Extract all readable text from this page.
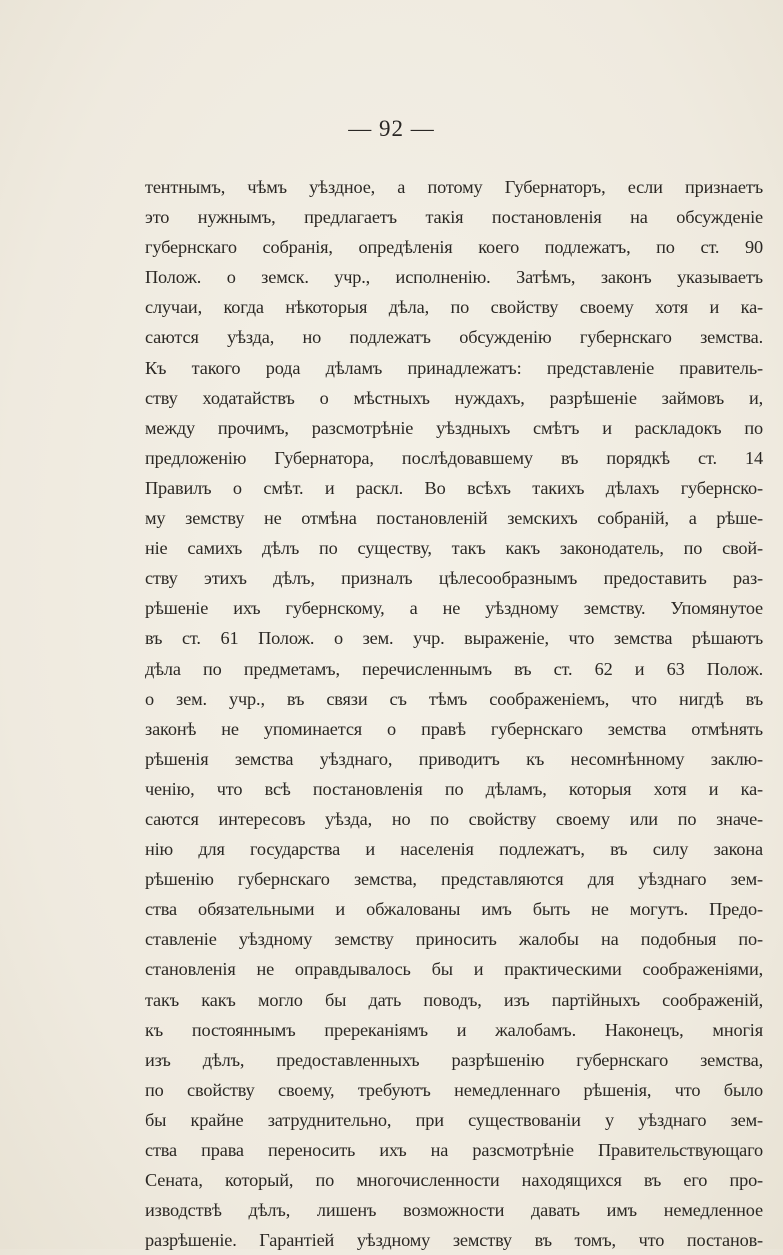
— 92 —
тентнымъ, чѣмъ уѣздное, а потому Губернаторъ, если признаетъ
это нужнымъ, предлагаетъ такія постановленія на обсужденіе
губернскаго собранія, опредѣленія коего подлежатъ, по ст. 90
Полож. о земск. учр., исполненію. Затѣмъ, законъ указываетъ
случаи, когда нѣкоторыя дѣла, по свойству своему хотя и ка-
саются уѣзда, но подлежатъ обсужденію губернскаго земства.
Къ такого рода дѣламъ принадлежатъ: представленіе правитель-
ству ходатайствъ о мѣстныхъ нуждахъ, разрѣшеніе займовъ и,
между прочимъ, разсмотрѣніе уѣздныхъ смѣтъ и раскладокъ по
предложенію Губернатора, послѣдовавшему въ порядкѣ ст. 14
Правилъ о смѣт. и раскл. Во всѣхъ такихъ дѣлахъ губернско-
му земству не отмѣна постановленій земскихъ собраній, а рѣше-
ніе самихъ дѣлъ по существу, такъ какъ законодатель, по свой-
ству этихъ дѣлъ, призналъ цѣлесообразнымъ предоставить раз-
рѣшеніе ихъ губернскому, а не уѣздному земству. Упомянутое
въ ст. 61 Полож. о зем. учр. выраженіе, что земства рѣшаютъ
дѣла по предметамъ, перечисленнымъ въ ст. 62 и 63 Полож.
о зем. учр., въ связи съ тѣмъ соображеніемъ, что нигдѣ въ
законѣ не упоминается о правѣ губернскаго земства отмѣнять
рѣшенія земства уѣзднаго, приводитъ къ несомнѣнному заклю-
ченію, что всѣ постановленія по дѣламъ, которыя хотя и ка-
саются интересовъ уѣзда, но по свойству своему или по значе-
нію для государства и населенія подлежатъ, въ силу закона
рѣшенію губернскаго земства, представляются для уѣзднаго зем-
ства обязательными и обжалованы имъ быть не могутъ. Предо-
ставленіе уѣздному земству приносить жалобы на подобныя по-
становленія не оправдывалось бы и практическими соображеніями,
такъ какъ могло бы дать поводъ, изъ партійныхъ соображеній,
къ постояннымъ пререканіямъ и жалобамъ. Наконецъ, многія
изъ дѣлъ, предоставленныхъ разрѣшенію губернскаго земства,
по свойству своему, требуютъ немедленнаго рѣшенія, что было
бы крайне затруднительно, при существованіи у уѣзднаго зем-
ства права переносить ихъ на разсмотрѣніе Правительствующаго
Сената, который, по многочисленности находящихся въ его про-
изводствѣ дѣлъ, лишенъ возможности давать имъ немедленное
разрѣшеніе. Гарантіей уѣздному земству въ томъ, что постанов-
